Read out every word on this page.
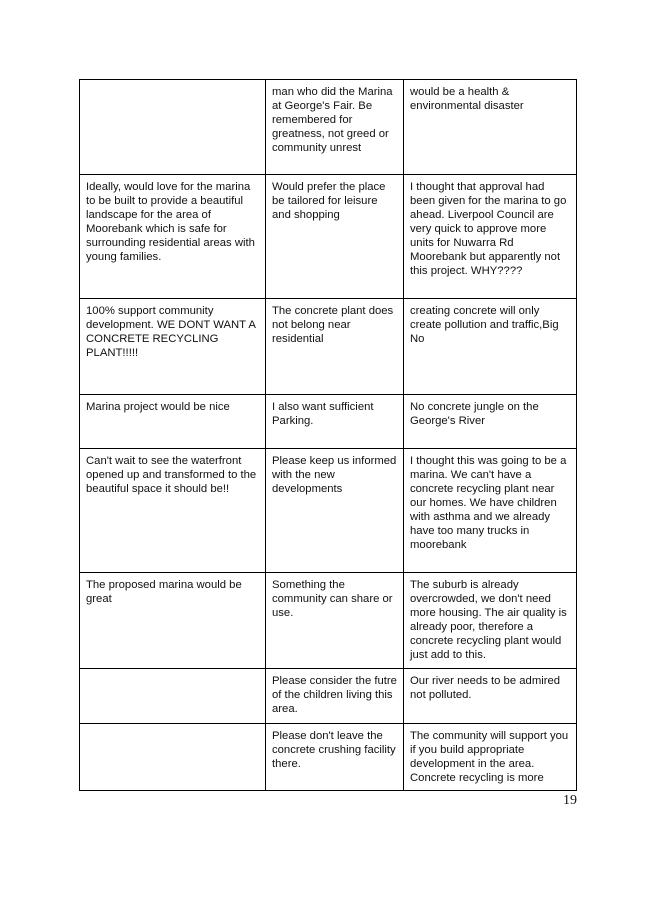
	man who did the Marina at George's Fair. Be remembered for greatness, not greed or community unrest	would be a health & environmental disaster
Ideally, would love for the marina to be built to provide a beautiful landscape for the area of Moorebank which is safe for surrounding residential areas with young families.	Would prefer the place be tailored for leisure and shopping	I thought that approval had been given for the marina to go ahead. Liverpool Council are very quick to approve more units for Nuwarra Rd Moorebank but apparently not this project. WHY????
100% support community development. WE DONT WANT A CONCRETE RECYCLING PLANT!!!!!	The concrete plant does not belong near residential	creating concrete will only create pollution and traffic,Big No
Marina project would be nice	I also want sufficient Parking.	No concrete jungle on the George's River
Can't wait to see the waterfront opened up and transformed to the beautiful space it should be!!	Please keep us informed with the new developments	I thought this was going to be a marina. We can't have a concrete recycling plant near our homes. We have children with asthma and we already have too many trucks in moorebank
The proposed marina would be great	Something the community can share or use.	The suburb is already overcrowded, we don't need more housing. The air quality is already poor, therefore a concrete recycling plant would just add to this.
	Please consider the futre of the children living this area.	Our river needs to be admired not polluted.
	Please don't leave the concrete crushing facility there.	The community will support you if you build appropriate development in the area. Concrete recycling is more
19
